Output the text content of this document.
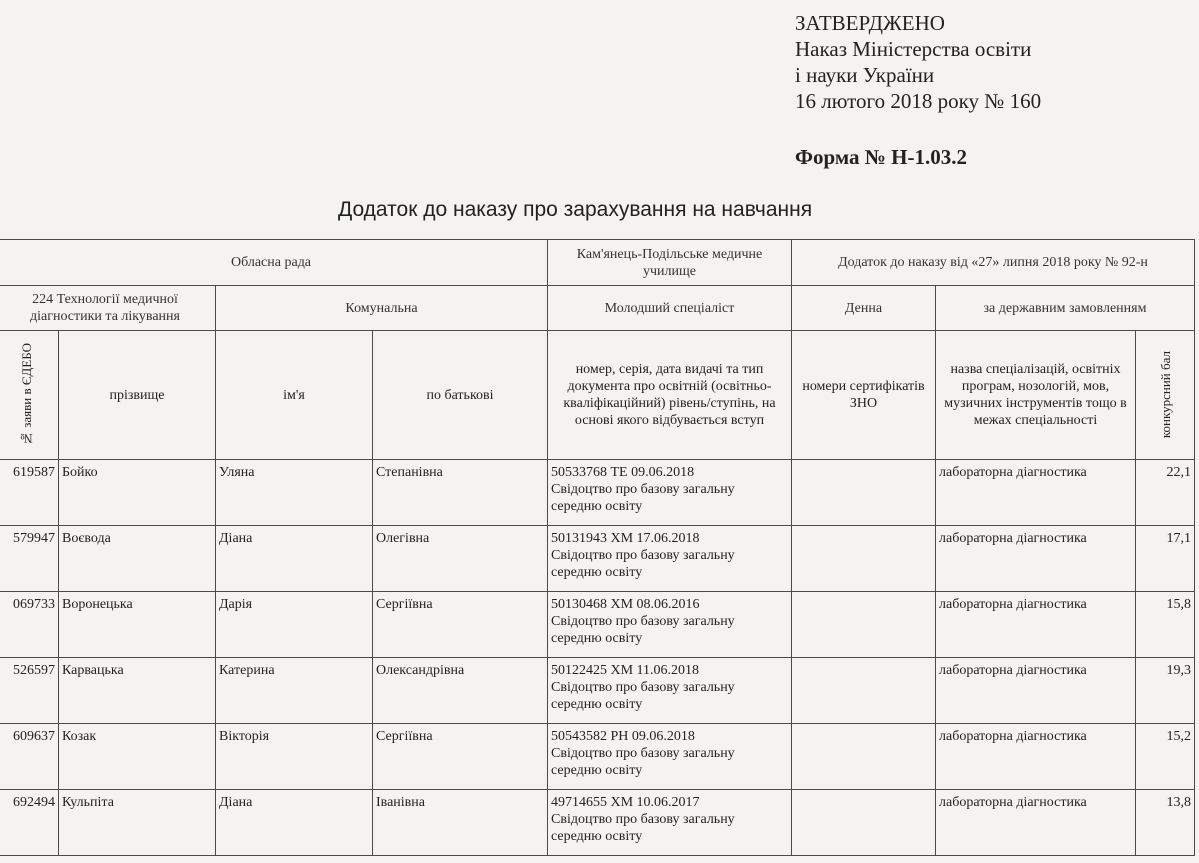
ЗАТВЕРДЖЕНО
Наказ Міністерства освіти
і науки України
16 лютого 2018 року № 160
Форма № Н-1.03.2
Додаток до наказу про зарахування на навчання
Обласна рада				Кам'янець-Подільське медичне училище	Додаток до наказу від «27» липня 2018 року № 92-н		
224 Технології медичної діагностики та лікування		Комунальна		Молодший спеціаліст	Денна	за державним замовленням	

№ заяви в ЄДЕБО	прізвище	ім'я	по батькові	номер, серія, дата видачі та тип документа про освітній (освітньо-кваліфікаційний) рівень/ступінь, на основі якого відбувається вступ	номери сертифікатів ЗНО	назва спеціалізацій, освітніх програм, нозологій, мов, музичних інструментів тощо в межах спеціальності	конкурсний бал

619587	Бойко	Уляна	Степанівна	50533768 ТЕ 09.06.2018
Свідоцтво про базову загальну середню освіту		лабораторна діагностика	22,1
579947	Воєвода	Діана	Олегівна	50131943 ХМ 17.06.2018
Свідоцтво про базову загальну середню освіту		лабораторна діагностика	17,1
069733	Воронецька	Дарія	Сергіївна	50130468 ХМ 08.06.2016
Свідоцтво про базову загальну середню освіту		лабораторна діагностика	15,8
526597	Карвацька	Катерина	Олександрівна	50122425 ХМ 11.06.2018
Свідоцтво про базову загальну середню освіту		лабораторна діагностика	19,3
609637	Козак	Вікторія	Сергіївна	50543582 РН 09.06.2018
Свідоцтво про базову загальну середню освіту		лабораторна діагностика	15,2
692494	Кульпіта	Діана	Іванівна	49714655 ХМ 10.06.2017
Свідоцтво про базову загальну середню освіту		лабораторна діагностика	13,8
